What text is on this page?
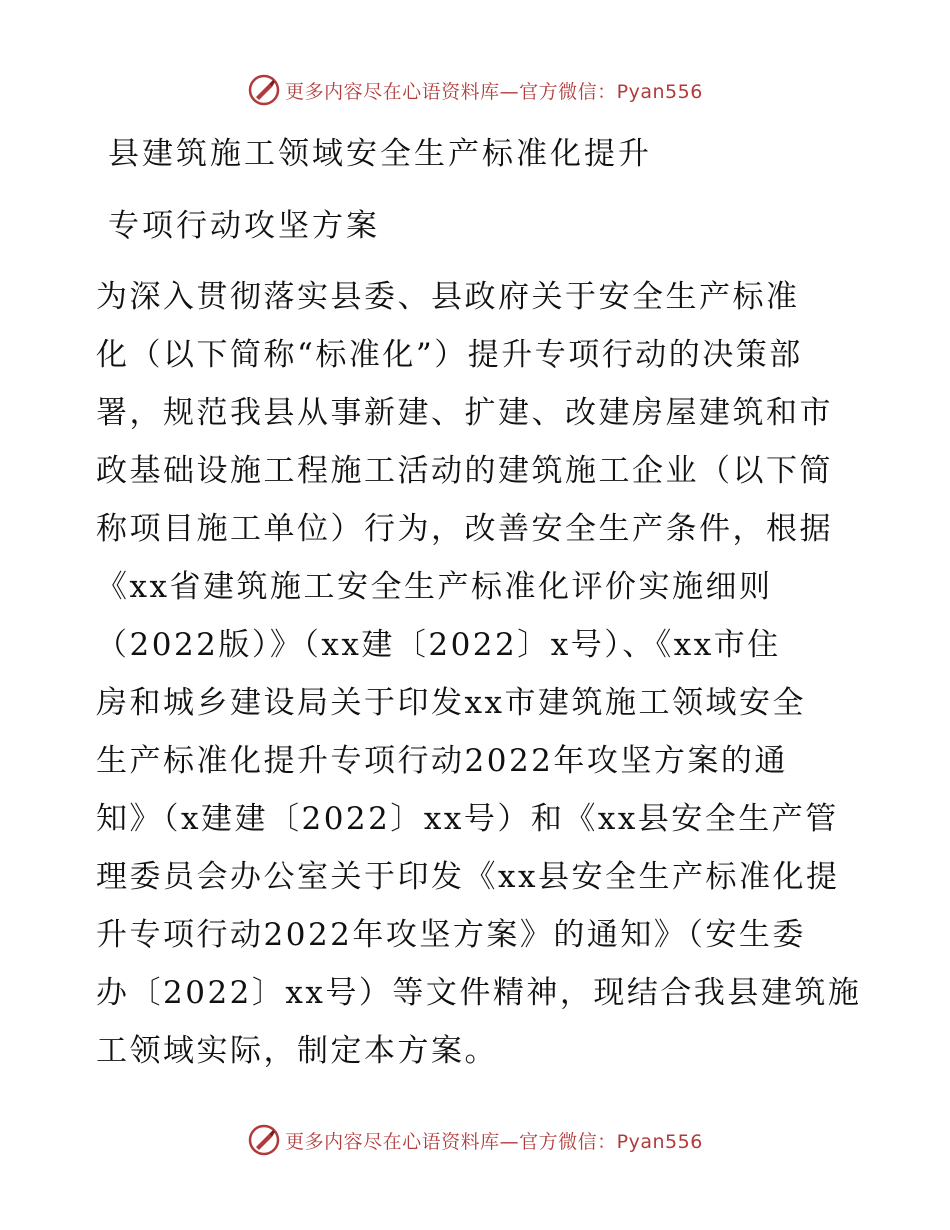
更多内容尽在心语资料库—官方微信：Pyan556
县建筑施工领域安全生产标准化提升
专项行动攻坚方案
为深入贯彻落实县委、县政府关于安全生产标准
化（以下简称“标准化”）提升专项行动的决策部
署，规范我县从事新建、扩建、改建房屋建筑和市
政基础设施工程施工活动的建筑施工企业（以下简
称项目施工单位）行为，改善安全生产条件，根据
《xx省建筑施工安全生产标准化评价实施细则
（2022版）》（xx建〔2022〕x号）、《xx市住
房和城乡建设局关于印发xx市建筑施工领域安全
生产标准化提升专项行动2022年攻坚方案的通
知》（x建建〔2022〕xx号）和《xx县安全生产管
理委员会办公室关于印发《xx县安全生产标准化提
升专项行动2022年攻坚方案》的通知》（安生委
办〔2022〕xx号）等文件精神，现结合我县建筑施
工领域实际，制定本方案。
更多内容尽在心语资料库—官方微信：Pyan556
